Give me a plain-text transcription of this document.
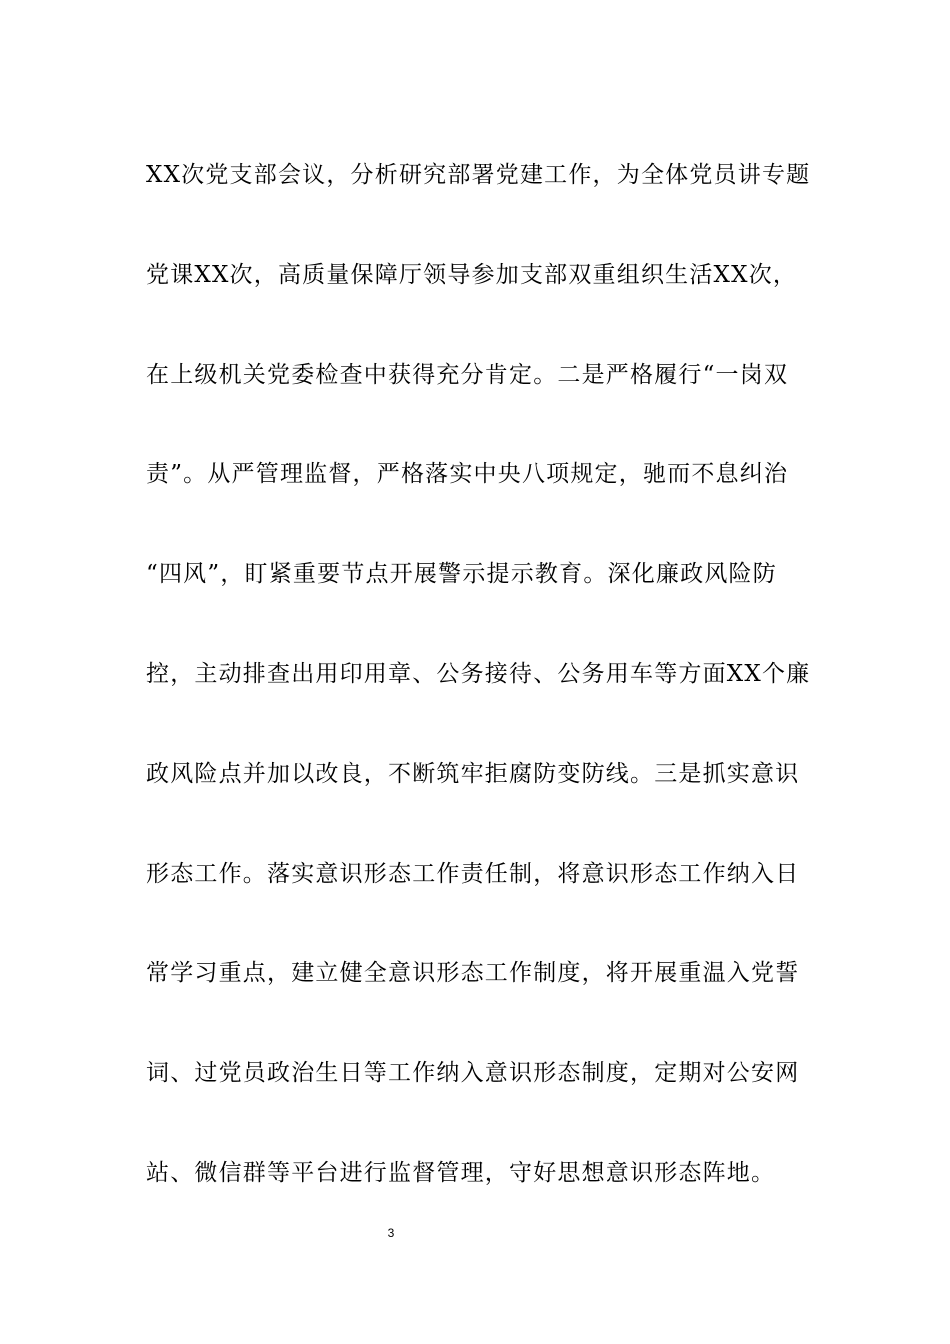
XX次党支部会议，分析研究部署党建工作，为全体党员讲专题
党课XX次，高质量保障厅领导参加支部双重组织生活XX次，
在上级机关党委检查中获得充分肯定。二是严格履行“一岗双
责”。从严管理监督，严格落实中央八项规定，驰而不息纠治
“四风”，盯紧重要节点开展警示提示教育。深化廉政风险防
控，主动排查出用印用章、公务接待、公务用车等方面XX个廉
政风险点并加以改良，不断筑牢拒腐防变防线。三是抓实意识
形态工作。落实意识形态工作责任制，将意识形态工作纳入日
常学习重点，建立健全意识形态工作制度，将开展重温入党誓
词、过党员政治生日等工作纳入意识形态制度，定期对公安网
站、微信群等平台进行监督管理，守好思想意识形态阵地。
3
